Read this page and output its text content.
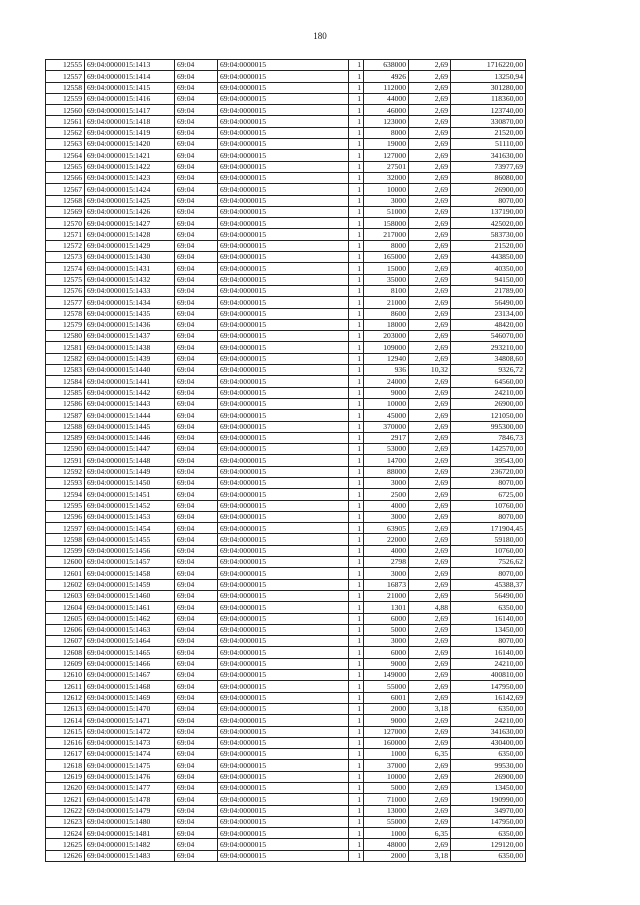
180
12555	69:04:0000015:1413	69:04	69:04:0000015	1	638000	2,69	1716220,00
12557	69:04:0000015:1414	69:04	69:04:0000015	1	4926	2,69	13250,94
12558	69:04:0000015:1415	69:04	69:04:0000015	1	112000	2,69	301280,00
12559	69:04:0000015:1416	69:04	69:04:0000015	1	44000	2,69	118360,00
12560	69:04:0000015:1417	69:04	69:04:0000015	1	46000	2,69	123740,00
12561	69:04:0000015:1418	69:04	69:04:0000015	1	123000	2,69	330870,00
12562	69:04:0000015:1419	69:04	69:04:0000015	1	8000	2,69	21520,00
12563	69:04:0000015:1420	69:04	69:04:0000015	1	19000	2,69	51110,00
12564	69:04:0000015:1421	69:04	69:04:0000015	1	127000	2,69	341630,00
12565	69:04:0000015:1422	69:04	69:04:0000015	1	27501	2,69	73977,69
12566	69:04:0000015:1423	69:04	69:04:0000015	1	32000	2,69	86080,00
12567	69:04:0000015:1424	69:04	69:04:0000015	1	10000	2,69	26900,00
12568	69:04:0000015:1425	69:04	69:04:0000015	1	3000	2,69	8070,00
12569	69:04:0000015:1426	69:04	69:04:0000015	1	51000	2,69	137190,00
12570	69:04:0000015:1427	69:04	69:04:0000015	1	158000	2,69	425020,00
12571	69:04:0000015:1428	69:04	69:04:0000015	1	217000	2,69	583730,00
12572	69:04:0000015:1429	69:04	69:04:0000015	1	8000	2,69	21520,00
12573	69:04:0000015:1430	69:04	69:04:0000015	1	165000	2,69	443850,00
12574	69:04:0000015:1431	69:04	69:04:0000015	1	15000	2,69	40350,00
12575	69:04:0000015:1432	69:04	69:04:0000015	1	35000	2,69	94150,00
12576	69:04:0000015:1433	69:04	69:04:0000015	1	8100	2,69	21789,00
12577	69:04:0000015:1434	69:04	69:04:0000015	1	21000	2,69	56490,00
12578	69:04:0000015:1435	69:04	69:04:0000015	1	8600	2,69	23134,00
12579	69:04:0000015:1436	69:04	69:04:0000015	1	18000	2,69	48420,00
12580	69:04:0000015:1437	69:04	69:04:0000015	1	203000	2,69	546070,00
12581	69:04:0000015:1438	69:04	69:04:0000015	1	109000	2,69	293210,00
12582	69:04:0000015:1439	69:04	69:04:0000015	1	12940	2,69	34808,60
12583	69:04:0000015:1440	69:04	69:04:0000015	1	936	10,32	9326,72
12584	69:04:0000015:1441	69:04	69:04:0000015	1	24000	2,69	64560,00
12585	69:04:0000015:1442	69:04	69:04:0000015	1	9000	2,69	24210,00
12586	69:04:0000015:1443	69:04	69:04:0000015	1	10000	2,69	26900,00
12587	69:04:0000015:1444	69:04	69:04:0000015	1	45000	2,69	121050,00
12588	69:04:0000015:1445	69:04	69:04:0000015	1	370000	2,69	995300,00
12589	69:04:0000015:1446	69:04	69:04:0000015	1	2917	2,69	7846,73
12590	69:04:0000015:1447	69:04	69:04:0000015	1	53000	2,69	142570,00
12591	69:04:0000015:1448	69:04	69:04:0000015	1	14700	2,69	39543,00
12592	69:04:0000015:1449	69:04	69:04:0000015	1	88000	2,69	236720,00
12593	69:04:0000015:1450	69:04	69:04:0000015	1	3000	2,69	8070,00
12594	69:04:0000015:1451	69:04	69:04:0000015	1	2500	2,69	6725,00
12595	69:04:0000015:1452	69:04	69:04:0000015	1	4000	2,69	10760,00
12596	69:04:0000015:1453	69:04	69:04:0000015	1	3000	2,69	8070,00
12597	69:04:0000015:1454	69:04	69:04:0000015	1	63905	2,69	171904,45
12598	69:04:0000015:1455	69:04	69:04:0000015	1	22000	2,69	59180,00
12599	69:04:0000015:1456	69:04	69:04:0000015	1	4000	2,69	10760,00
12600	69:04:0000015:1457	69:04	69:04:0000015	1	2798	2,69	7526,62
12601	69:04:0000015:1458	69:04	69:04:0000015	1	3000	2,69	8070,00
12602	69:04:0000015:1459	69:04	69:04:0000015	1	16873	2,69	45388,37
12603	69:04:0000015:1460	69:04	69:04:0000015	1	21000	2,69	56490,00
12604	69:04:0000015:1461	69:04	69:04:0000015	1	1301	4,88	6350,00
12605	69:04:0000015:1462	69:04	69:04:0000015	1	6000	2,69	16140,00
12606	69:04:0000015:1463	69:04	69:04:0000015	1	5000	2,69	13450,00
12607	69:04:0000015:1464	69:04	69:04:0000015	1	3000	2,69	8070,00
12608	69:04:0000015:1465	69:04	69:04:0000015	1	6000	2,69	16140,00
12609	69:04:0000015:1466	69:04	69:04:0000015	1	9000	2,69	24210,00
12610	69:04:0000015:1467	69:04	69:04:0000015	1	149000	2,69	400810,00
12611	69:04:0000015:1468	69:04	69:04:0000015	1	55000	2,69	147950,00
12612	69:04:0000015:1469	69:04	69:04:0000015	1	6001	2,69	16142,69
12613	69:04:0000015:1470	69:04	69:04:0000015	1	2000	3,18	6350,00
12614	69:04:0000015:1471	69:04	69:04:0000015	1	9000	2,69	24210,00
12615	69:04:0000015:1472	69:04	69:04:0000015	1	127000	2,69	341630,00
12616	69:04:0000015:1473	69:04	69:04:0000015	1	160000	2,69	430400,00
12617	69:04:0000015:1474	69:04	69:04:0000015	1	1000	6,35	6350,00
12618	69:04:0000015:1475	69:04	69:04:0000015	1	37000	2,69	99530,00
12619	69:04:0000015:1476	69:04	69:04:0000015	1	10000	2,69	26900,00
12620	69:04:0000015:1477	69:04	69:04:0000015	1	5000	2,69	13450,00
12621	69:04:0000015:1478	69:04	69:04:0000015	1	71000	2,69	190990,00
12622	69:04:0000015:1479	69:04	69:04:0000015	1	13000	2,69	34970,00
12623	69:04:0000015:1480	69:04	69:04:0000015	1	55000	2,69	147950,00
12624	69:04:0000015:1481	69:04	69:04:0000015	1	1000	6,35	6350,00
12625	69:04:0000015:1482	69:04	69:04:0000015	1	48000	2,69	129120,00
12626	69:04:0000015:1483	69:04	69:04:0000015	1	2000	3,18	6350,00
